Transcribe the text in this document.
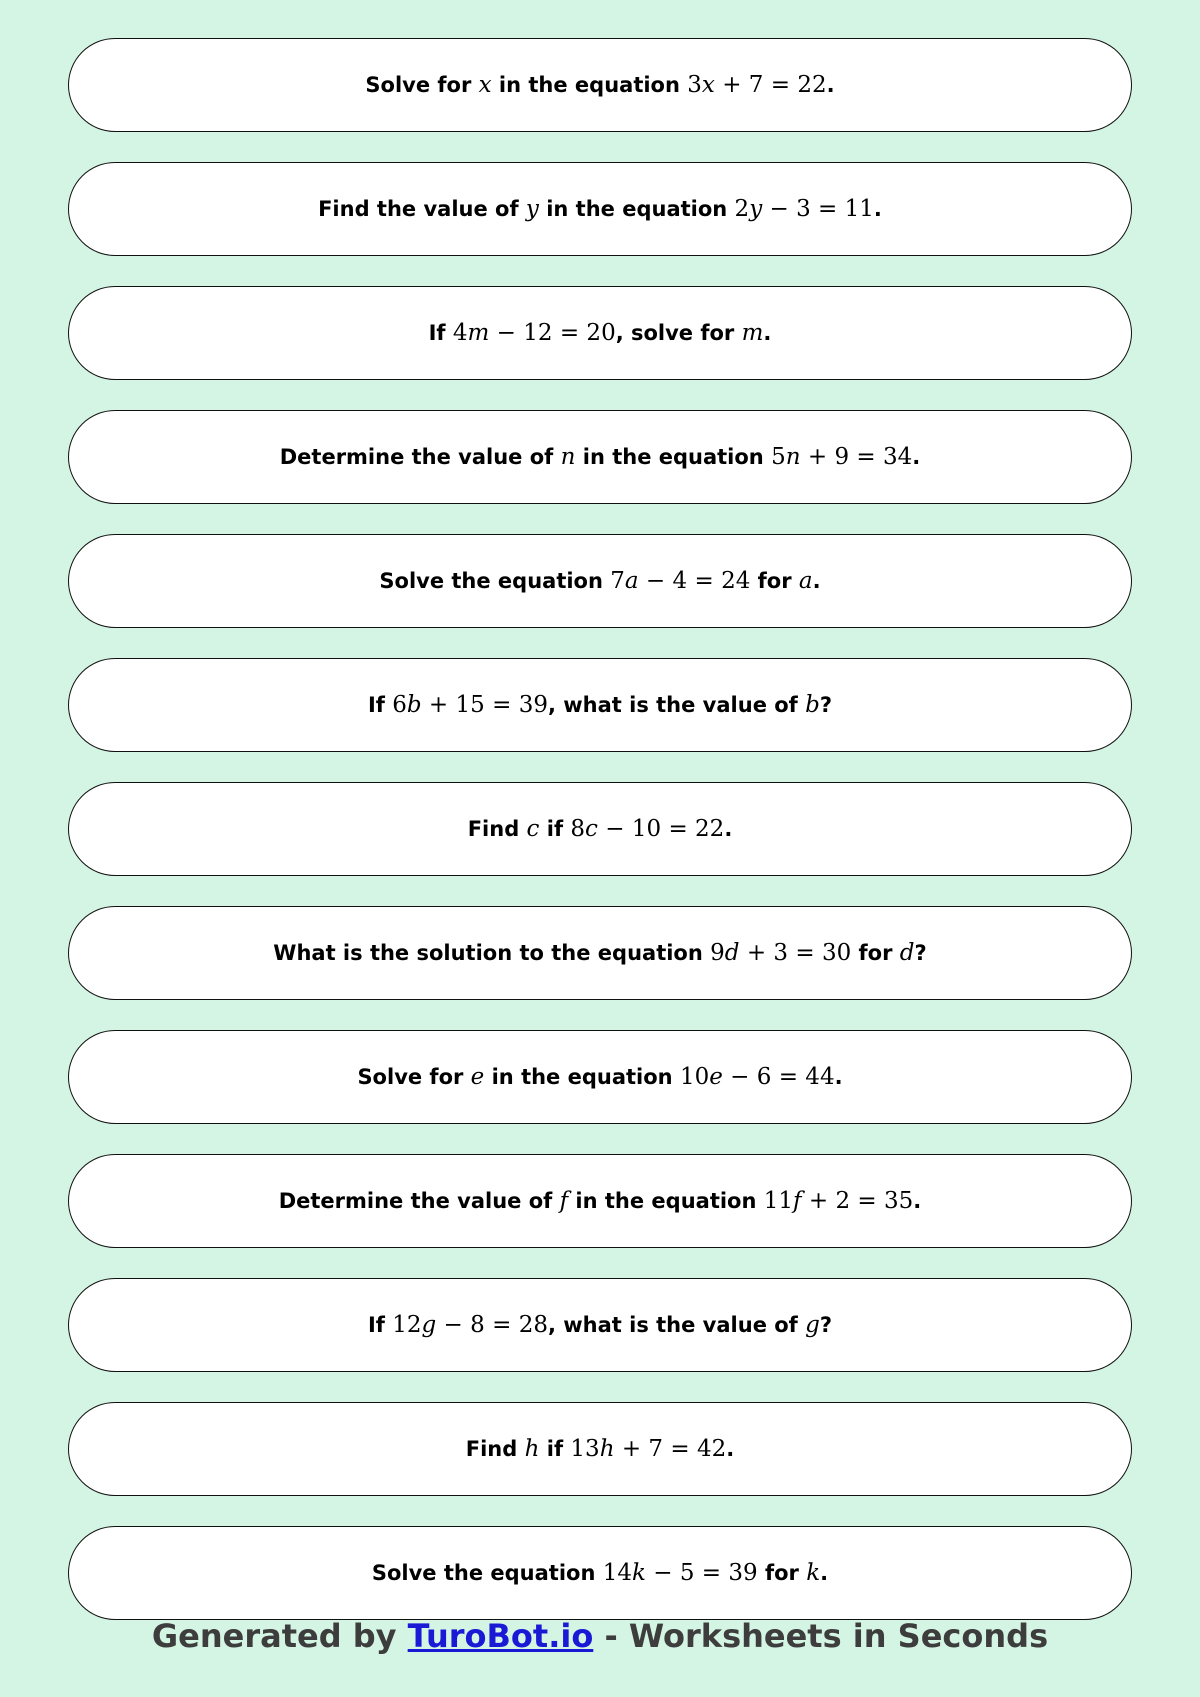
Solve for x in the equation 3x + 7 = 22 .
Find the value of y in the equation 2y − 3 = 11 .
If 4m − 12 = 20 , solve for m .
Determine the value of n in the equation 5n + 9 = 34 .
Solve the equation 7a − 4 = 24 for a .
If 6b + 15 = 39 , what is the value of b ?
Find c if 8c − 10 = 22 .
What is the solution to the equation 9d + 3 = 30 for d ?
Solve for e in the equation 10e − 6 = 44 .
Determine the value of f in the equation 11f + 2 = 35 .
If 12g − 8 = 28 , what is the value of g ?
Find h if 13h + 7 = 42 .
Solve the equation 14k − 5 = 39 for k .
Generated by TuroBot.io - Worksheets in Seconds
